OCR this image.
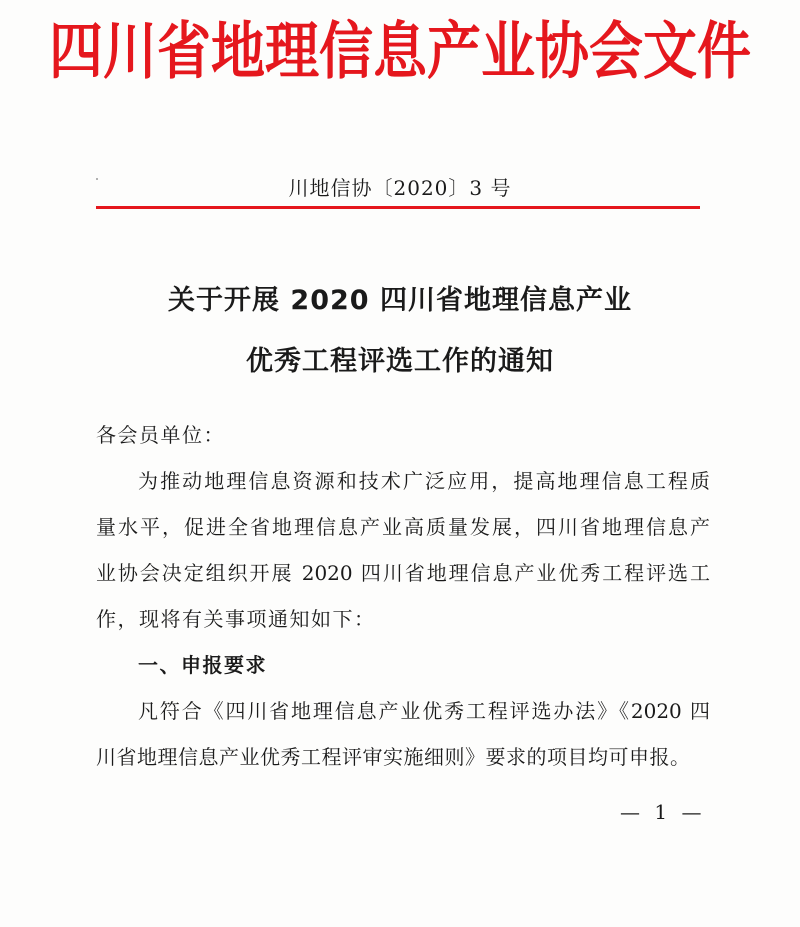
四川省地理信息产业协会文件
川地信协〔2020〕3 号
关于开展 2020 四川省地理信息产业
优秀工程评选工作的通知
各会员单位：
为推动地理信息资源和技术广泛应用，提高地理信息工程质
量水平，促进全省地理信息产业高质量发展，四川省地理信息产
业协会决定组织开展 2020 四川省地理信息产业优秀工程评选工
作，现将有关事项通知如下：
一、申报要求
凡符合《四川省地理信息产业优秀工程评选办法》《2020 四
川省地理信息产业优秀工程评审实施细则》要求的项目均可申报。
— 1 —
